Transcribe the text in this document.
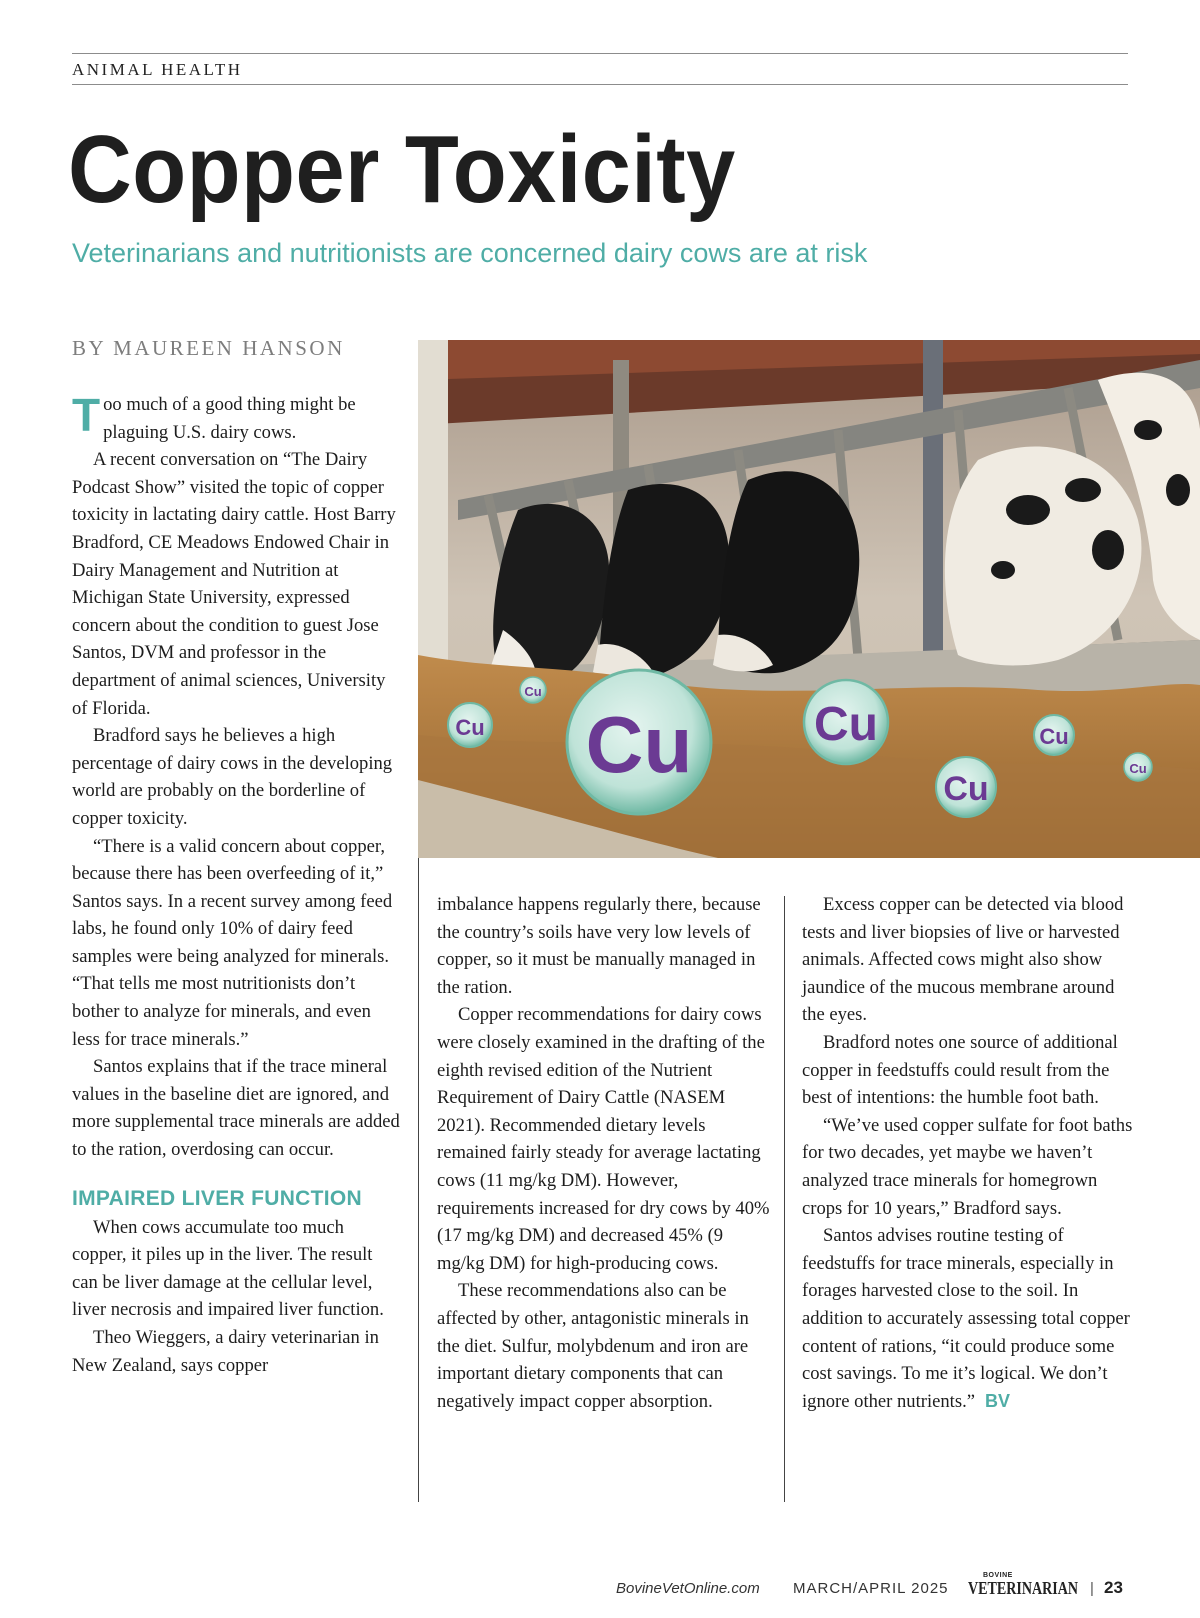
ANIMAL HEALTH
Copper Toxicity
Veterinarians and nutritionists are concerned dairy cows are at risk
BY MAUREEN HANSON

Too much of a good thing might be plaguing U.S. dairy cows.

A recent conversation on “The Dairy Podcast Show” visited the topic of copper toxicity in lactating dairy cattle. Host Barry Bradford, CE Meadows Endowed Chair in Dairy Management and Nutrition at Michigan State University, expressed concern about the condition to guest Jose Santos, DVM and professor in the department of animal sciences, University of Florida.

Bradford says he believes a high percentage of dairy cows in the developing world are probably on the borderline of copper toxicity.

“There is a valid concern about copper, because there has been overfeeding of it,” Santos says. In a recent survey among feed labs, he found only 10% of dairy feed samples were being analyzed for minerals. “That tells me most nutritionists don’t bother to analyze for minerals, and even less for trace minerals.”

Santos explains that if the trace mineral values in the baseline diet are ignored, and more supplemental trace minerals are added to the ration, overdosing can occur.

IMPAIRED LIVER FUNCTION

When cows accumulate too much copper, it piles up in the liver. The result can be liver damage at the cellular level, liver necrosis and impaired liver function.

Theo Wieggers, a dairy veterinarian in New Zealand, says copper

Cu
Cu
Cu	Cu
Cu
Cu
Cu

imbalance happens regularly there, because the country’s soils have very low levels of copper, so it must be manually managed in the ration.

Copper recommendations for dairy cows were closely examined in the drafting of the eighth revised edition of the Nutrient Requirement of Dairy Cattle (NASEM 2021). Recommended dietary levels remained fairly steady for average lactating cows (11 mg/kg DM). However, requirements increased for dry cows by 40% (17 mg/kg DM) and decreased 45% (9 mg/kg DM) for high-producing cows.

These recommendations also can be affected by other, antagonistic minerals in the diet. Sulfur, molybdenum and iron are important dietary components that can negatively impact copper absorption.

Excess copper can be detected via blood tests and liver biopsies of live or harvested animals. Affected cows might also show jaundice of the mucous membrane around the eyes.

Bradford notes one source of additional copper in feedstuffs could result from the best of intentions: the humble foot bath.

“We’ve used copper sulfate for foot baths for two decades, yet maybe we haven’t analyzed trace minerals for homegrown crops for 10 years,” Bradford says.

Santos advises routine testing of feedstuffs for trace minerals, especially in forages harvested close to the soil. In addition to accurately assessing total copper content of rations, “it could produce some cost savings. To me it’s logical. We don’t ignore other nutrients.” BV

BovineVetOnline.com MARCH/APRIL 2025
BOVINE
VETERINARIAN | 23
